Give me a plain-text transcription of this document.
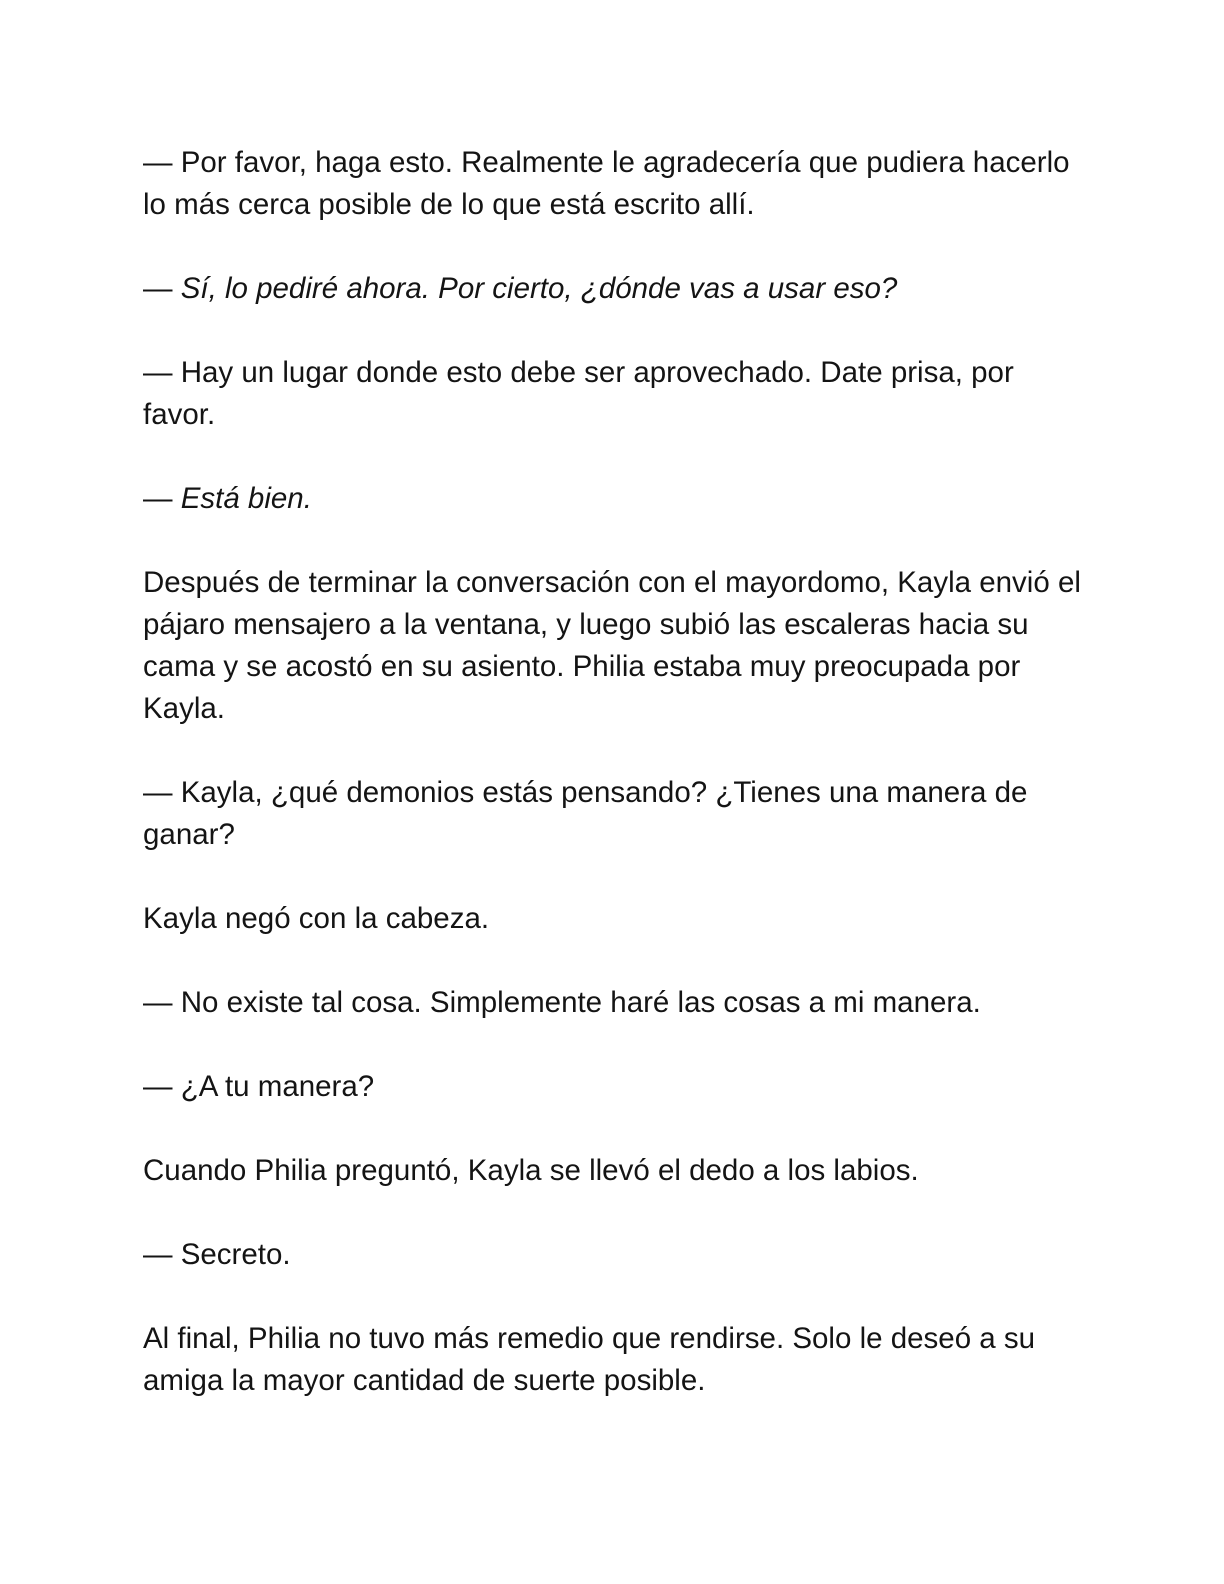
— Por favor, haga esto. Realmente le agradecería que pudiera hacerlo lo más cerca posible de lo que está escrito allí.

— Sí, lo pediré ahora. Por cierto, ¿dónde vas a usar eso?

— Hay un lugar donde esto debe ser aprovechado. Date prisa, por favor.

— Está bien.

Después de terminar la conversación con el mayordomo, Kayla envió el pájaro mensajero a la ventana, y luego subió las escaleras hacia su cama y se acostó en su asiento. Philia estaba muy preocupada por Kayla.

— Kayla, ¿qué demonios estás pensando? ¿Tienes una manera de ganar?

Kayla negó con la cabeza.

— No existe tal cosa. Simplemente haré las cosas a mi manera.

— ¿A tu manera?

Cuando Philia preguntó, Kayla se llevó el dedo a los labios.

— Secreto.

Al final, Philia no tuvo más remedio que rendirse. Solo le deseó a su amiga la mayor cantidad de suerte posible.
